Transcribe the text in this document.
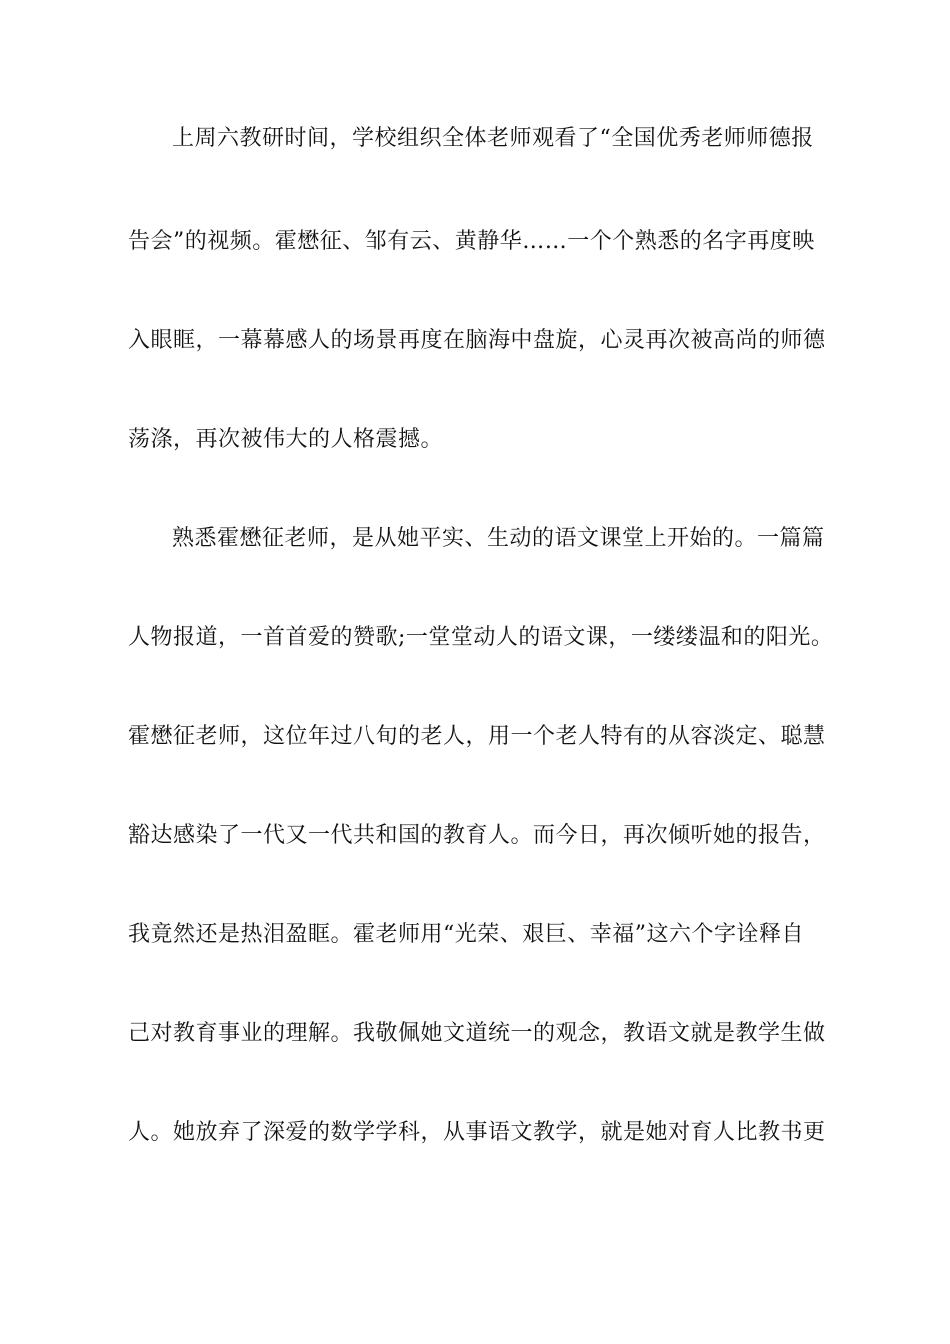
上周六教研时间，学校组织全体老师观看了“全国优秀老师师德报
告会”的视频。霍懋征、邹有云、黄静华……一个个熟悉的名字再度映
入眼眶，一幕幕感人的场景再度在脑海中盘旋，心灵再次被高尚的师德
荡涤，再次被伟大的人格震撼。
熟悉霍懋征老师，是从她平实、生动的语文课堂上开始的。一篇篇
人物报道，一首首爱的赞歌;一堂堂动人的语文课，一缕缕温和的阳光。
霍懋征老师，这位年过八旬的老人，用一个老人特有的从容淡定、聪慧
豁达感染了一代又一代共和国的教育人。而今日，再次倾听她的报告，
我竟然还是热泪盈眶。霍老师用“光荣、艰巨、幸福”这六个字诠释自
己对教育事业的理解。我敬佩她文道统一的观念，教语文就是教学生做
人。她放弃了深爱的数学学科，从事语文教学，就是她对育人比教书更
